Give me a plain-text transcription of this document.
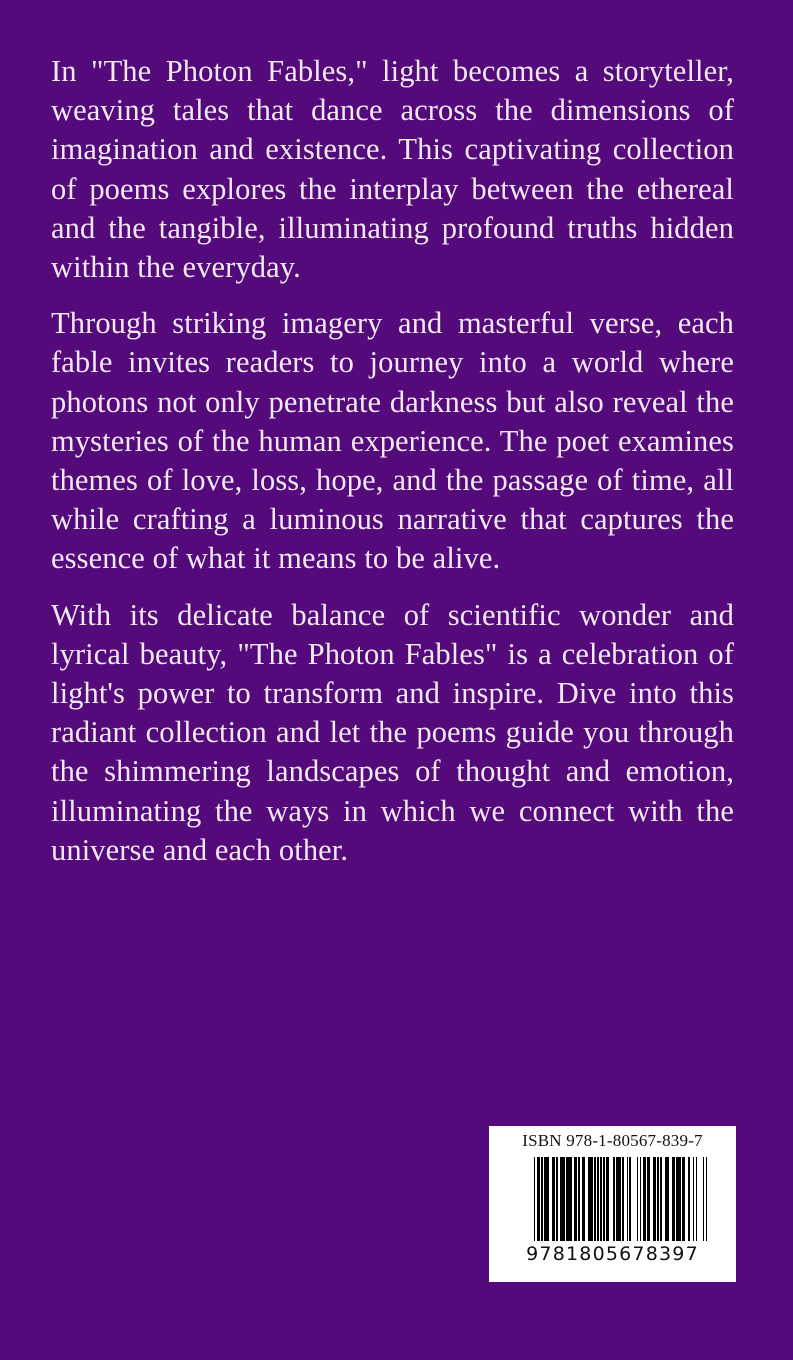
In "The Photon Fables," light becomes a storyteller, weaving tales that dance across the dimensions of imagination and existence. This captivating collection of poems explores the interplay between the ethereal and the tangible, illuminating profound truths hidden within the everyday.

Through striking imagery and masterful verse, each fable invites readers to journey into a world where photons not only penetrate darkness but also reveal the mysteries of the human experience. The poet examines themes of love, loss, hope, and the passage of time, all while crafting a luminous narrative that captures the essence of what it means to be alive.

With its delicate balance of scientific wonder and lyrical beauty, "The Photon Fables" is a celebration of light's power to transform and inspire. Dive into this radiant collection and let the poems guide you through the shimmering landscapes of thought and emotion, illuminating the ways in which we connect with the universe and each other.

ISBN 978-1-80567-839-7
9781805678397
